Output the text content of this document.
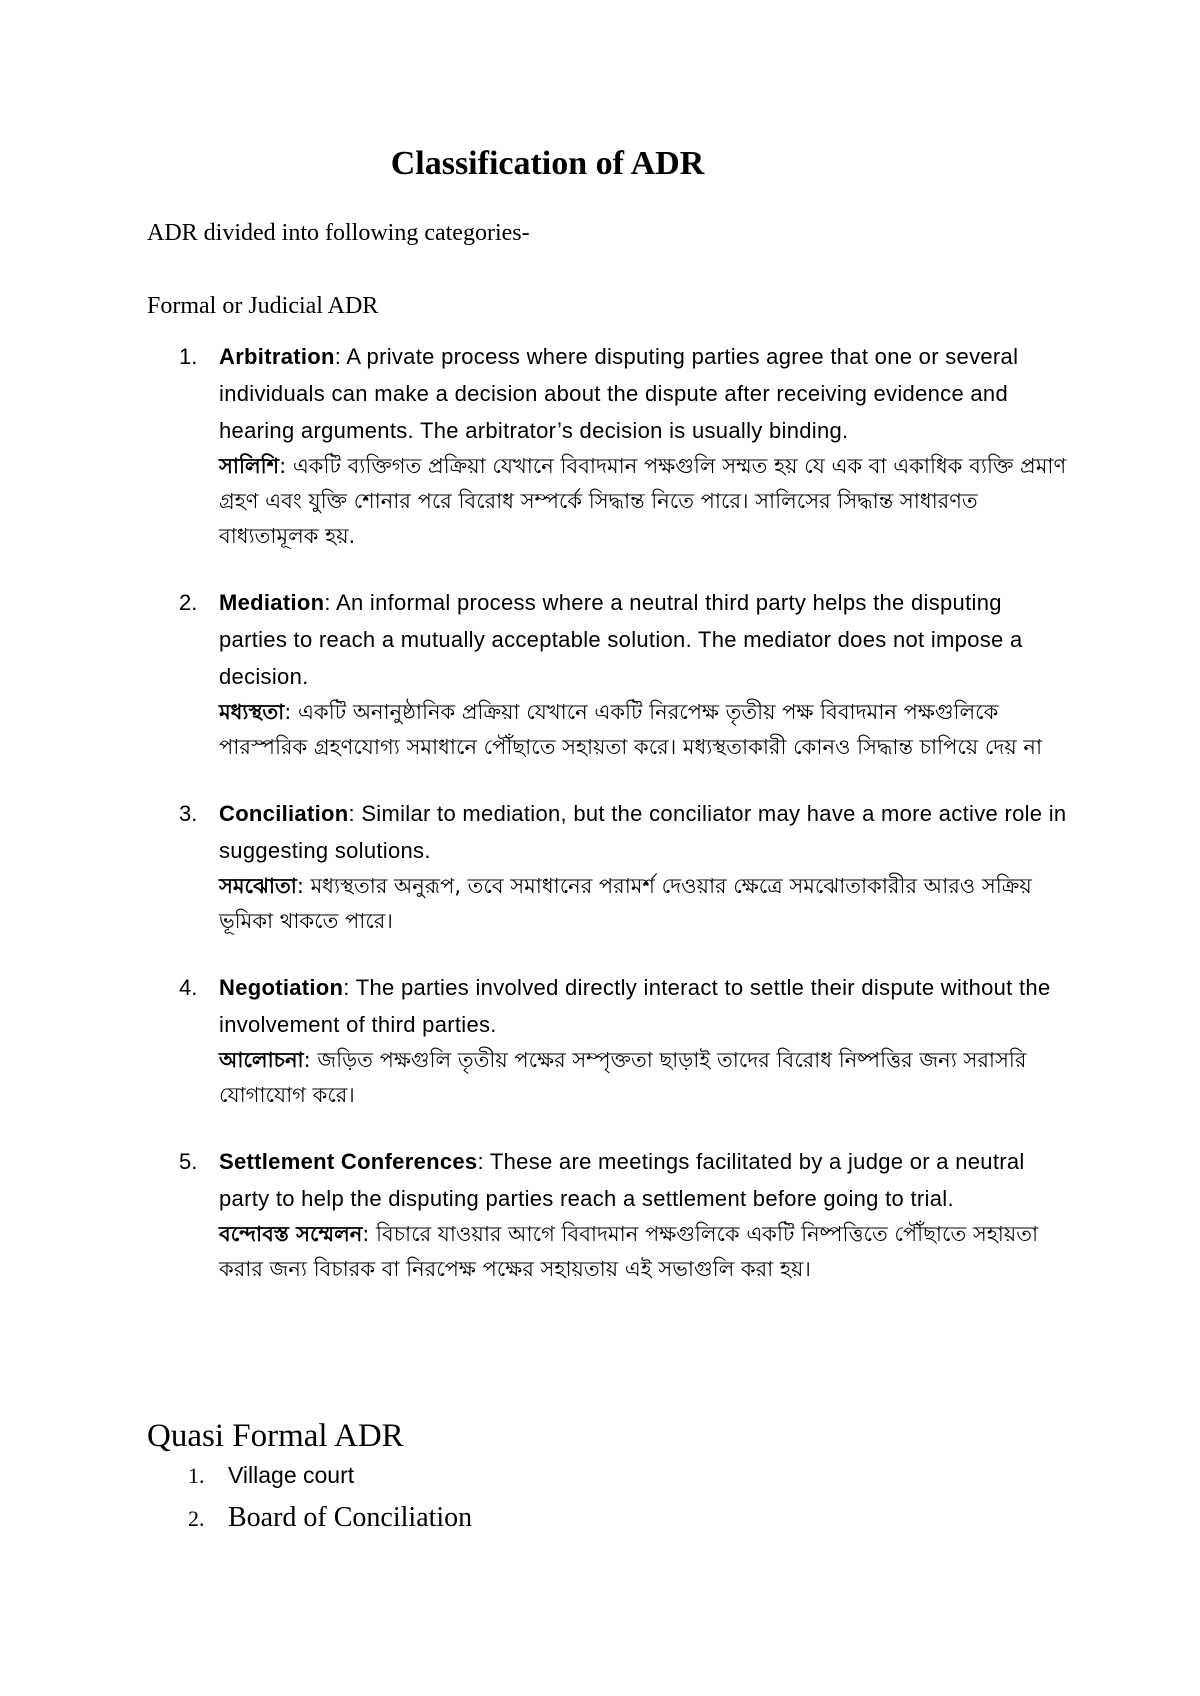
Classification of ADR
ADR divided into following categories-
Formal or Judicial ADR
1. Arbitration: A private process where disputing parties agree that one or several individuals can make a decision about the dispute after receiving evidence and hearing arguments. The arbitrator’s decision is usually binding.
সালিশি: একটি ব্যক্তিগত প্রক্রিয়া যেখানে বিবাদমান পক্ষগুলি সম্মত হয় যে এক বা একাধিক ব্যক্তি প্রমাণ গ্রহণ এবং যুক্তি শোনার পরে বিরোধ সম্পর্কে সিদ্ধান্ত নিতে পারে। সালিসের সিদ্ধান্ত সাধারণত বাধ্যতামূলক হয়.
2. Mediation: An informal process where a neutral third party helps the disputing parties to reach a mutually acceptable solution. The mediator does not impose a decision.
মধ্যস্থতা: একটি অনানুষ্ঠানিক প্রক্রিয়া যেখানে একটি নিরপেক্ষ তৃতীয় পক্ষ বিবাদমান পক্ষগুলিকে পারস্পরিক গ্রহণযোগ্য সমাধানে পৌঁছাতে সহায়তা করে। মধ্যস্থতাকারী কোনও সিদ্ধান্ত চাপিয়ে দেয় না
3. Conciliation: Similar to mediation, but the conciliator may have a more active role in suggesting solutions.
সমঝোতা: মধ্যস্থতার অনুরূপ, তবে সমাধানের পরামর্শ দেওয়ার ক্ষেত্রে সমঝোতাকারীর আরও সক্রিয় ভূমিকা থাকতে পারে।
4. Negotiation: The parties involved directly interact to settle their dispute without the involvement of third parties.
আলোচনা: জড়িত পক্ষগুলি তৃতীয় পক্ষের সম্পৃক্ততা ছাড়াই তাদের বিরোধ নিষ্পত্তির জন্য সরাসরি যোগাযোগ করে।
5. Settlement Conferences: These are meetings facilitated by a judge or a neutral party to help the disputing parties reach a settlement before going to trial.
বন্দোবস্ত সম্মেলন: বিচারে যাওয়ার আগে বিবাদমান পক্ষগুলিকে একটি নিষ্পত্তিতে পৌঁছাতে সহায়তা করার জন্য বিচারক বা নিরপেক্ষ পক্ষের সহায়তায় এই সভাগুলি করা হয়।
Quasi Formal ADR
1.	Village court
2. Board of Conciliation
